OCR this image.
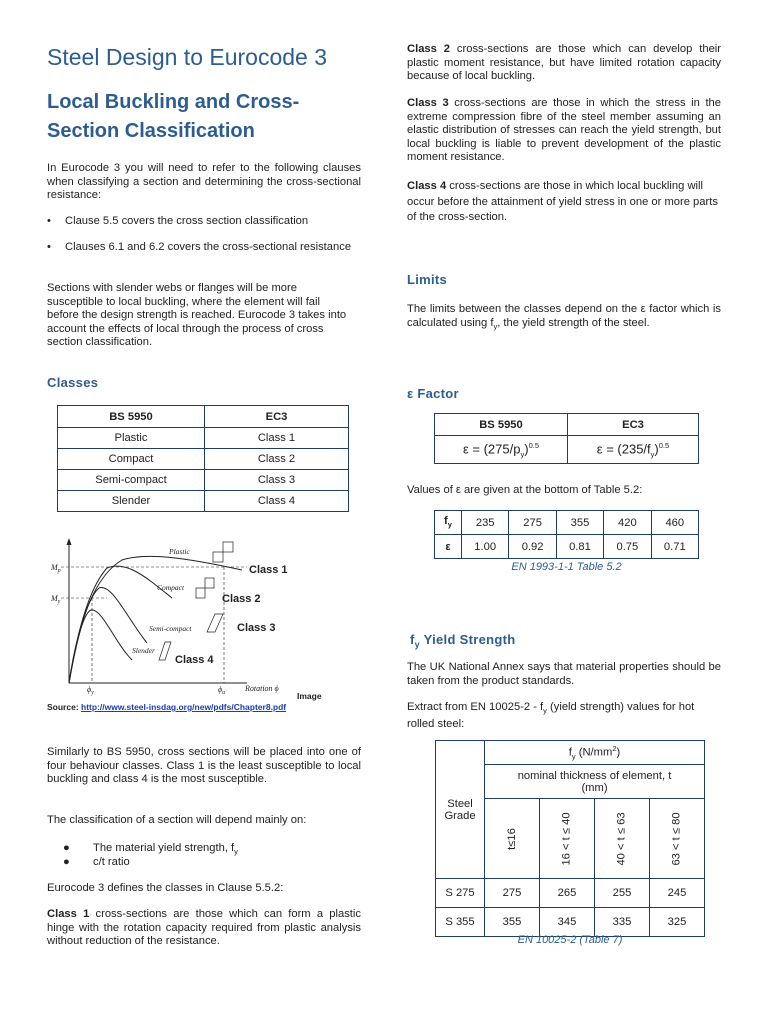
Steel Design to Eurocode 3
Local Buckling and Cross-
Section Classification

In Eurocode 3 you will need to refer to the following clauses when classifying a section and determining the cross-sectional resistance:

• Clause 5.5 covers the cross section classification
• Clauses 6.1 and 6.2 covers the cross-sectional resistance

Sections with slender webs or flanges will be more susceptible to local buckling, where the element will fail before the design strength is reached. Eurocode 3 takes into account the effects of local through the process of cross section classification.

Classes
BS 5950	EC3
Plastic	Class 1
Compact	Class 2
Semi-compact	Class 3
Slender	Class 4
$M_p$
$M_y$
$\phi_y$	$\phi_u$ Rotation ϕ
Plastic
Compact
Semi-compact
Slender
Class 1
Class 2
Class 3
Class 4
Image
Source: http://www.steel-insdag.org/new/pdfs/Chapter8.pdf

Similarly to BS 5950, cross sections will be placed into one of four behaviour classes. Class 1 is the least susceptible to local buckling and class 4 is the most susceptible.

The classification of a section will depend mainly on:

● The material yield strength, $f_y$
● c/t ratio

Eurocode 3 defines the classes in Clause 5.5.2:

Class 1 cross-sections are those which can form a plastic hinge with the rotation capacity required from plastic analysis without reduction of the resistance.

Class 2 cross-sections are those which can develop their plastic moment resistance, but have limited rotation capacity because of local buckling.

Class 3 cross-sections are those in which the stress in the extreme compression fibre of the steel member assuming an elastic distribution of stresses can reach the yield strength, but local buckling is liable to prevent development of the plastic moment resistance.

Class 4 cross-sections are those in which local buckling will occur before the attainment of yield stress in one or more parts of the cross-section.

Limits

The limits between the classes depend on the ε factor which is calculated using $f_y$, the yield strength of the steel.

ε Factor
BS 5950	EC3
$\varepsilon = (275/p_y)^{0.5}$	$\varepsilon = (235/f_y)^{0.5}$

Values of ε are given at the bottom of Table 5.2:

$f_y$	235	275	355	420	460
ε	1.00	0.92	0.81	0.75	0.71
EN 1993-1-1 Table 5.2
$f_y$ Yield Strength

The UK National Annex says that material properties should be taken from the product standards.

Extract from EN $10025-2 - f_y$ (yield strength) values for hot rolled steel:

Steel Grade	$f_y$ $(N/mm^2)$			
	nominal thickness of element, t (mm)			
	t≤16	16 < t ≤ 40	40 < t ≤ 63	63 < t ≤ 80
S 275	275	265	255	245
S 355	355	345	335	325
EN 10025-2 (Table 7)
